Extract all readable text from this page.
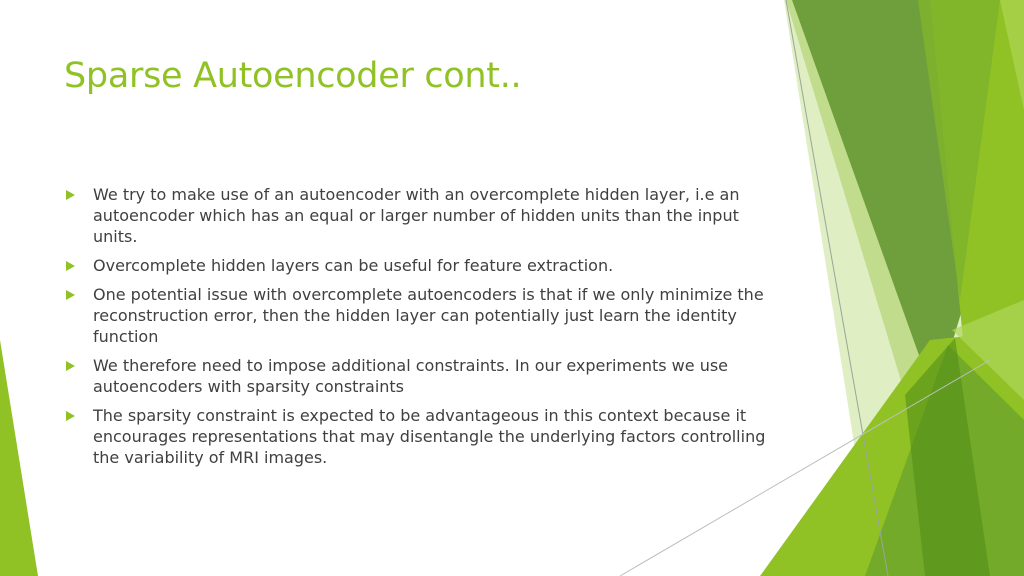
Sparse Autoencoder cont..
We try to make use of an autoencoder with an overcomplete hidden layer, i.e an autoencoder which has an equal or larger number of hidden units than the input units.
Overcomplete hidden layers can be useful for feature extraction.
One potential issue with overcomplete autoencoders is that if we only minimize the reconstruction error, then the hidden layer can potentially just learn the identity function
We therefore need to impose additional constraints. In our experiments we use autoencoders with sparsity constraints
The sparsity constraint is expected to be advantageous in this context because it encourages representations that may disentangle the underlying factors controlling the variability of MRI images.
